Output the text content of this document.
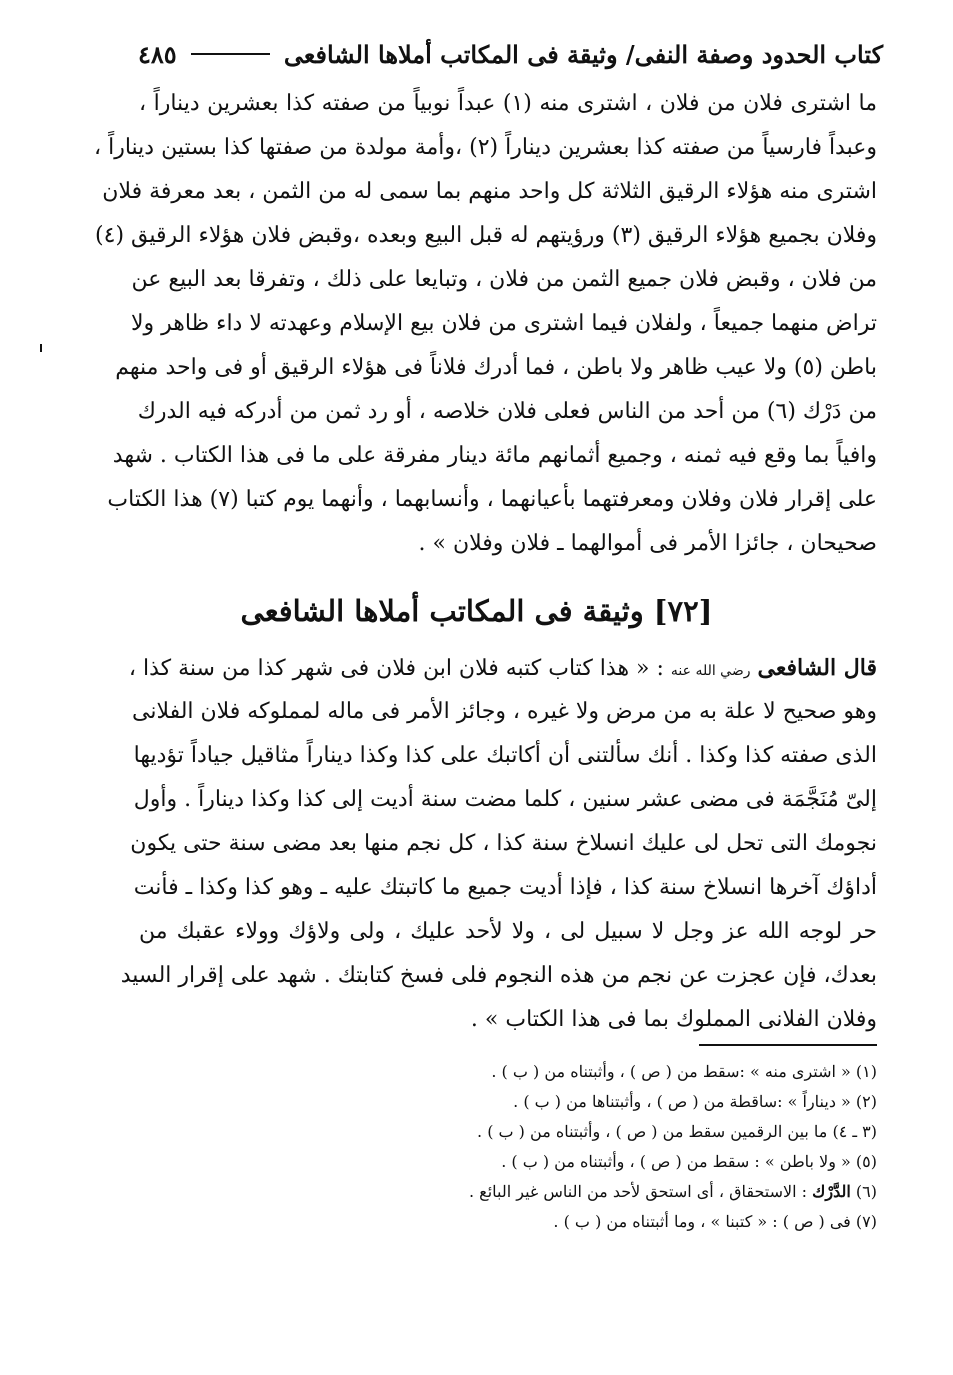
كتاب الحدود وصفة النفى/ وثيقة فى المكاتب أملاها الشافعى
٤٨٥
ما اشترى فلان من فلان ، اشترى منه (١) عبداً نوبياً من صفته كذا بعشرين ديناراً ،
وعبداً فارسياً من صفته كذا بعشرين ديناراً (٢) ،وأمة مولدة من صفتها كذا بستين ديناراً ،
اشترى منه هؤلاء الرقيق الثلاثة كل واحد منهم بما سمى له من الثمن ، بعد معرفة فلان
وفلان بجميع هؤلاء الرقيق (٣) ورؤيتهم له قبل البيع وبعده ،وقبض فلان هؤلاء الرقيق (٤)
من فلان ، وقبض فلان جميع الثمن من فلان ، وتبايعا على ذلك ، وتفرقا بعد البيع عن
تراض منهما جميعاً ، ولفلان فيما اشترى من فلان بيع الإسلام وعهدته لا داء ظاهر ولا
باطن (٥) ولا عيب ظاهر ولا باطن ، فما أدرك فلاناً فى هؤلاء الرقيق أو فى واحد منهم
من دَرْك (٦) من أحد من الناس فعلى فلان خلاصه ، أو رد ثمن من أدركه فيه الدرك
وافياً بما وقع فيه ثمنه ، وجميع أثمانهم مائة دينار مفرقة على ما فى هذا الكتاب . شهد
على إقرار فلان وفلان ومعرفتهما بأعيانهما ، وأنسابهما ، وأنهما يوم كتبا (٧) هذا الكتاب
صحيحان ، جائزا الأمر فى أموالهما ـ فلان وفلان » .
[٧٢] وثيقة فى المكاتب أملاها الشافعى
قال الشافعى رضي الله عنه : « هذا كتاب كتبه فلان ابن فلان فى شهر كذا من سنة كذا ،
وهو صحيح لا علة به من مرض ولا غيره ، وجائز الأمر فى ماله لمملوكه فلان الفلانى
الذى صفته كذا وكذا . أنك سألتنى أن أكاتبك على كذا وكذا ديناراً مثاقيل جياداً تؤديها
إلىّ مُنَجَّمَة فى مضى عشر سنين ، كلما مضت سنة أديت إلى كذا وكذا ديناراً . وأول
نجومك التى تحل لى عليك انسلاخ سنة كذا ، كل نجم منها بعد مضى سنة حتى يكون
أداؤك آخرها انسلاخ سنة كذا ، فإذا أديت جميع ما كاتبتك عليه ـ وهو كذا وكذا ـ فأنت
حر لوجه الله عز وجل لا سبيل لى ، ولا لأحد عليك ، ولى ولاؤك وولاء عقبك من
بعدك، فإن عجزت عن نجم من هذه النجوم فلى فسخ كتابتك . شهد على إقرار السيد
وفلان الفلانى المملوك بما فى هذا الكتاب » .
(١) « اشترى منه » :سقط من ( ص ) ، وأثبتناه من ( ب ) .
(٢) « ديناراً » :ساقطة من ( ص ) ، وأثبتناها من ( ب ) .
(٣ ـ ٤) ما بين الرقمين سقط من ( ص ) ، وأثبتناه من ( ب ) .
(٥) « ولا باطن » : سقط من ( ص ) ، وأثبتناه من ( ب ) .
(٦) الدَّرْك : الاستحقاق ، أى استحق لأحد من الناس غير البائع .
(٧) فى ( ص ) : « كتبنا » ، وما أثبتناه من ( ب ) .
